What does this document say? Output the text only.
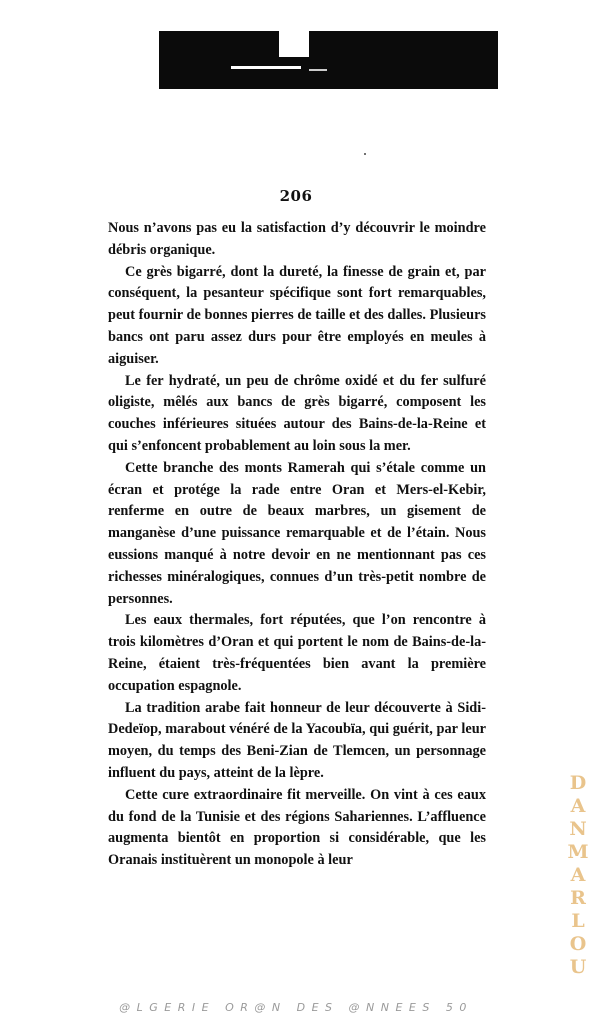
206

Nous n’avons pas eu la satisfaction d’y découvrir le moindre débris organique.

Ce grès bigarré, dont la dureté, la finesse de grain et, par conséquent, la pesanteur spécifique sont fort remarquables, peut fournir de bonnes pierres de taille et des dalles. Plusieurs bancs ont paru assez durs pour être employés en meules à aiguiser.

Le fer hydraté, un peu de chrôme oxidé et du fer sulfuré oligiste, mêlés aux bancs de grès bigarré, composent les couches inférieures situées autour des Bains-de-la-Reine et qui s’enfoncent probablement au loin sous la mer.

Cette branche des monts Ramerah qui s’étale comme un écran et protége la rade entre Oran et Mers-el-Kebir, renferme en outre de beaux marbres, un gisement de manganèse d’une puissance remarquable et de l’étain. Nous eussions manqué à notre devoir en ne mentionnant pas ces richesses minéralogiques, connues d’un très-petit nombre de personnes.

Les eaux thermales, fort réputées, que l’on rencontre à trois kilomètres d’Oran et qui portent le nom de Bains-de-la-Reine, étaient très-fréquentées bien avant la première occupation espagnole.

La tradition arabe fait honneur de leur découverte à Sidi-Dedeïop, marabout vénéré de la Yacoubïa, qui guérit, par leur moyen, du temps des Beni-Zian de Tlemcen, un personnage influent du pays, atteint de la lèpre.

Cette cure extraordinaire fit merveille. On vint à ces eaux du fond de la Tunisie et des régions Sahariennes. L’affluence augmenta bientôt en proportion si considérable, que les Oranais instituèrent un monopole à leur

D
A
N
M
A
R
L
O
U
@LGERIE OR@N DES @NNEES 50
